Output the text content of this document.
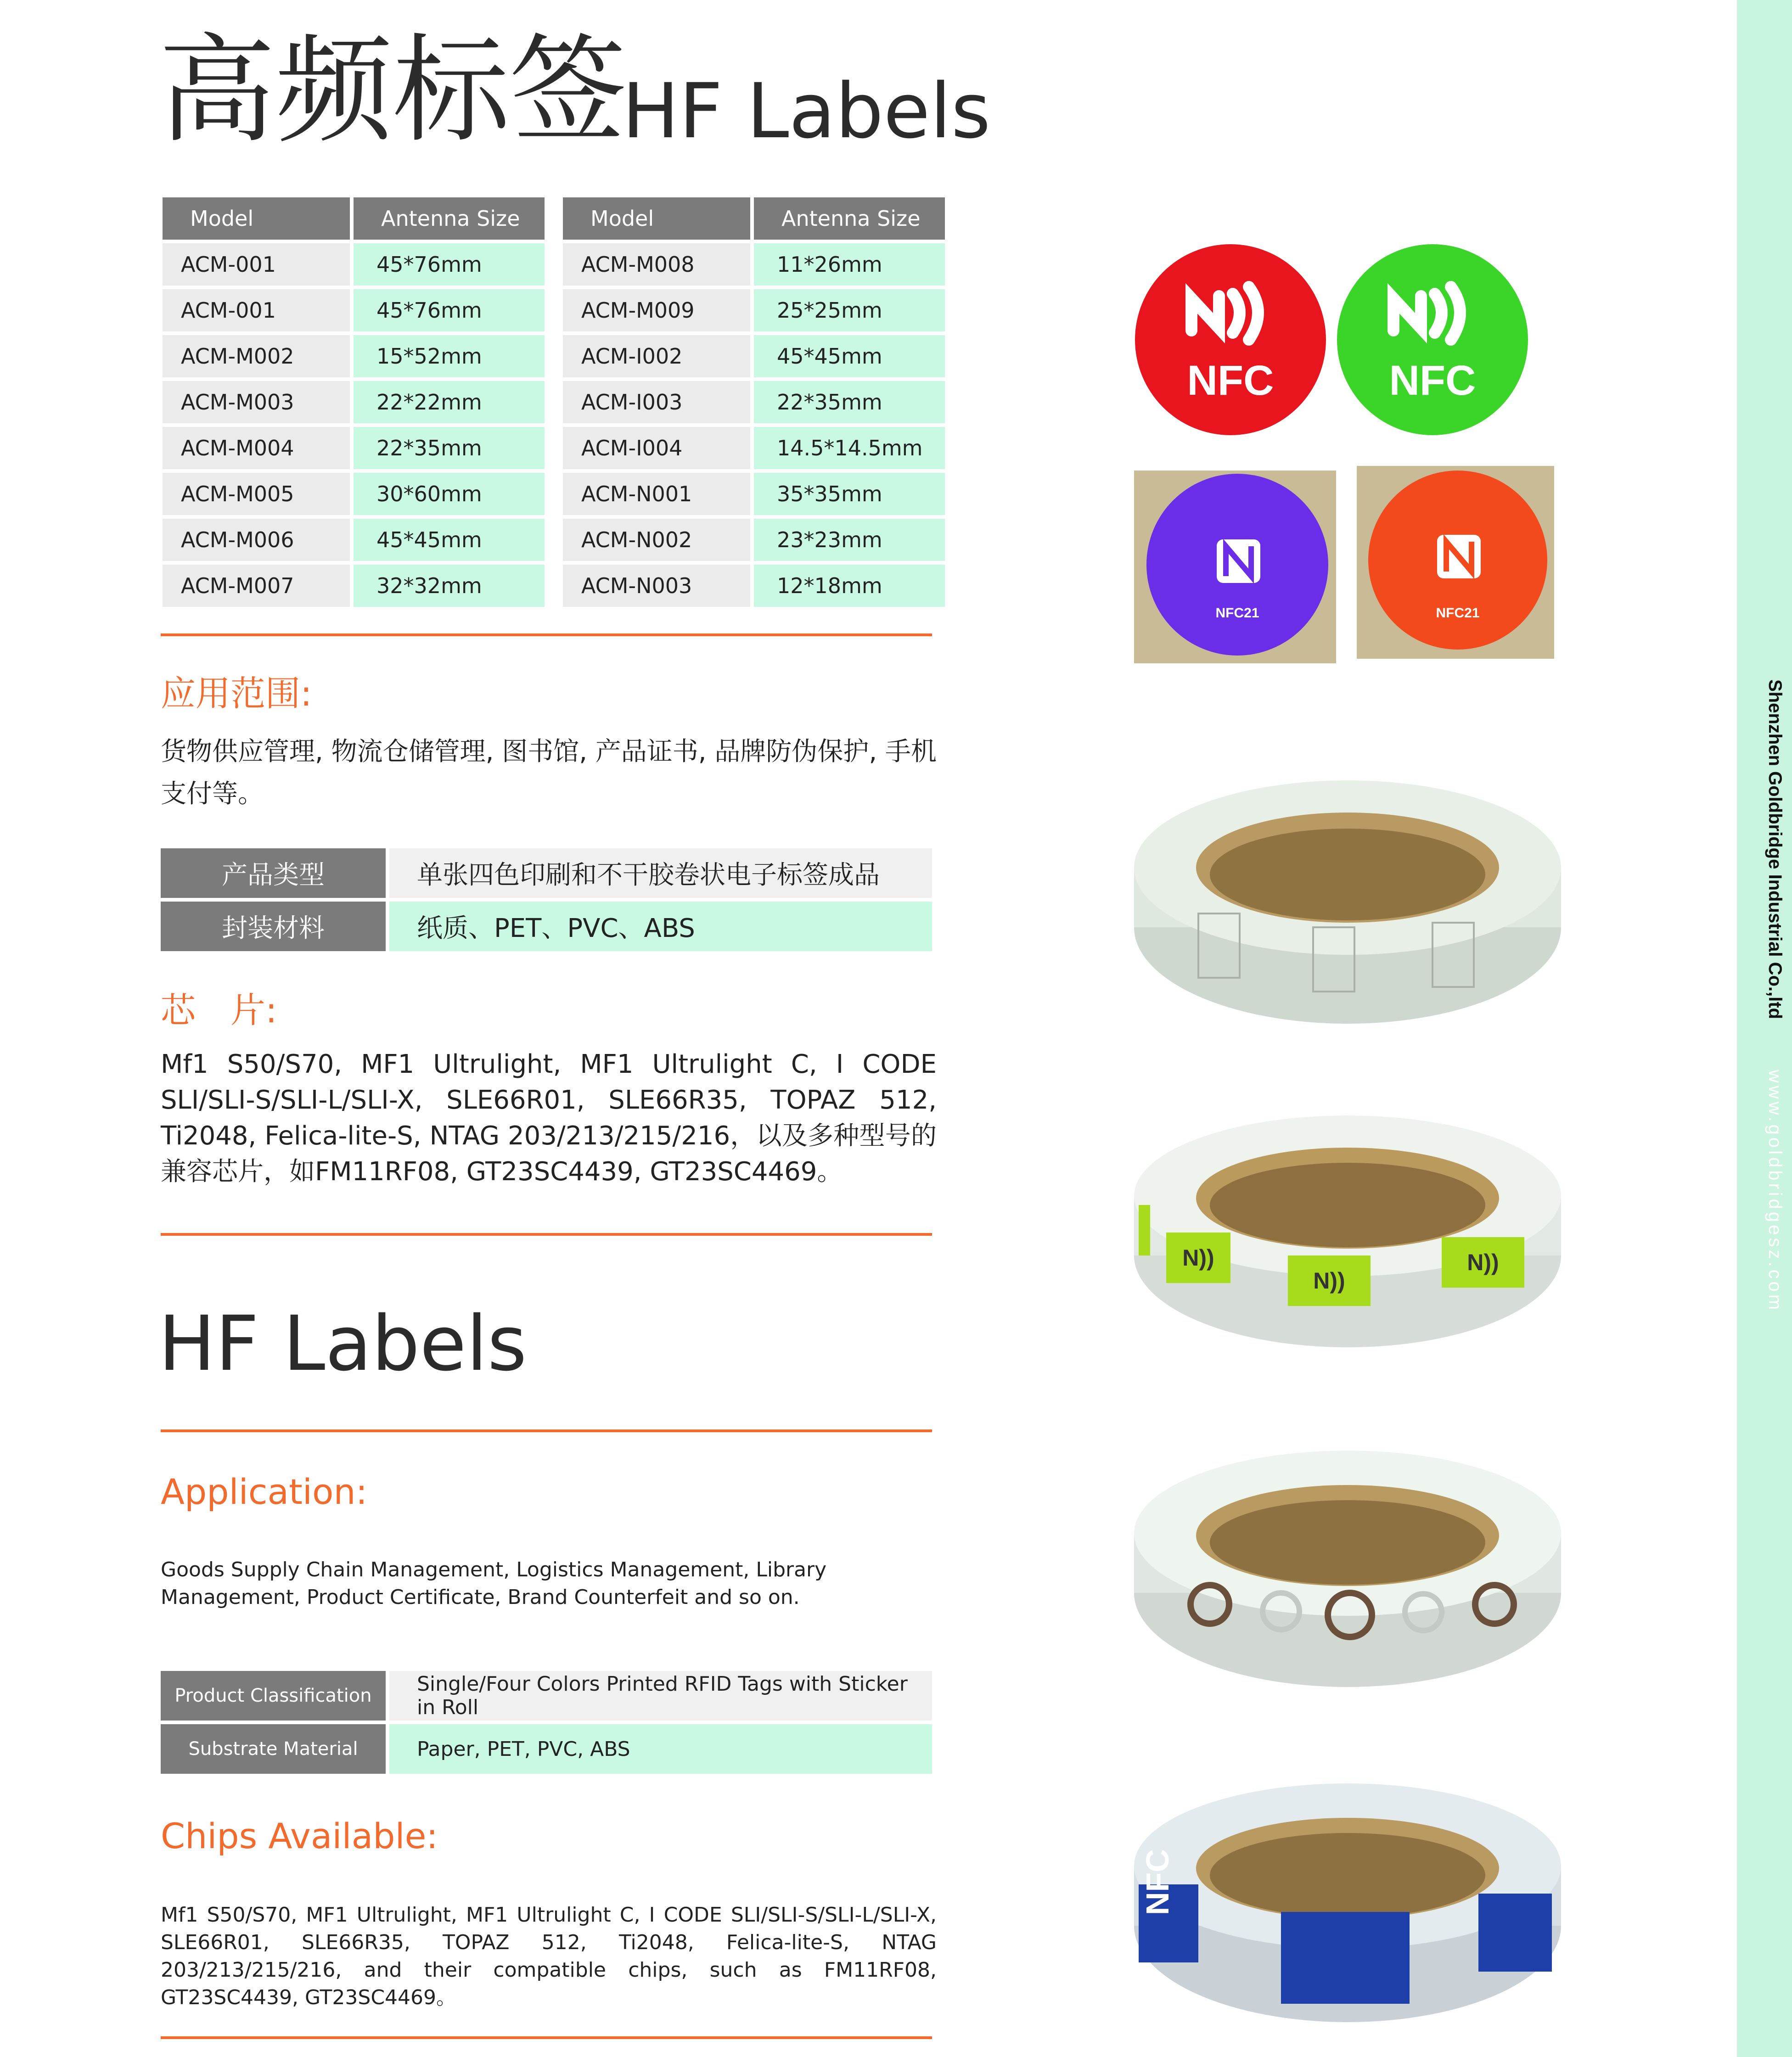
Shenzhen Goldbridge Industrial Co.,ltd
www.goldbridgesz.com
高频标签
HF Labels
Model	Antenna Size
ACM-001	45*76mm
ACM-001	45*76mm
ACM-M002	15*52mm
ACM-M003	22*22mm
ACM-M004	22*35mm
ACM-M005	30*60mm
ACM-M006	45*45mm
ACM-M007	32*32mm
Model	Antenna Size
ACM-M008	11*26mm
ACM-M009	25*25mm
ACM-I002	45*45mm
ACM-I003	22*35mm
ACM-I004	14.5*14.5mm
ACM-N001	35*35mm
ACM-N002	23*23mm
ACM-N003	12*18mm
应用范围:
货物供应管理, 物流仓储管理, 图书馆, 产品证书, 品牌防伪保护, 手机支付等。
产品类型	单张四色印刷和不干胶卷状电子标签成品
封装材料	纸质、PET、PVC、ABS
芯　片:
Mf1 S50/S70, MF1 Ultrulight, MF1 Ultrulight C, I CODE SLI/SLI-S/SLI-L/SLI-X, SLE66R01, SLE66R35, TOPAZ 512, Ti2048, Felica-lite-S, NTAG 203/213/215/216，以及多种型号的兼容芯片，如FM11RF08, GT23SC4439, GT23SC4469。
HF Labels
Application:
Goods Supply Chain Management, Logistics Management, Library Management, Product Certificate, Brand Counterfeit and so on.
Product Classification	Single/Four Colors Printed RFID Tags with Sticker in Roll
Substrate Material	Paper, PET, PVC, ABS
Chips Available:
Mf1 S50/S70, MF1 Ultrulight, MF1 Ultrulight C, I CODE SLI/SLI-S/SLI-L/SLI-X, SLE66R01, SLE66R35, TOPAZ 512, Ti2048, Felica-lite-S, NTAG 203/213/215/216, and their compatible chips, such as FM11RF08, GT23SC4439, GT23SC4469。
NFC	NFC
NFC21	NFC21
N))
N))
N))
NFC
